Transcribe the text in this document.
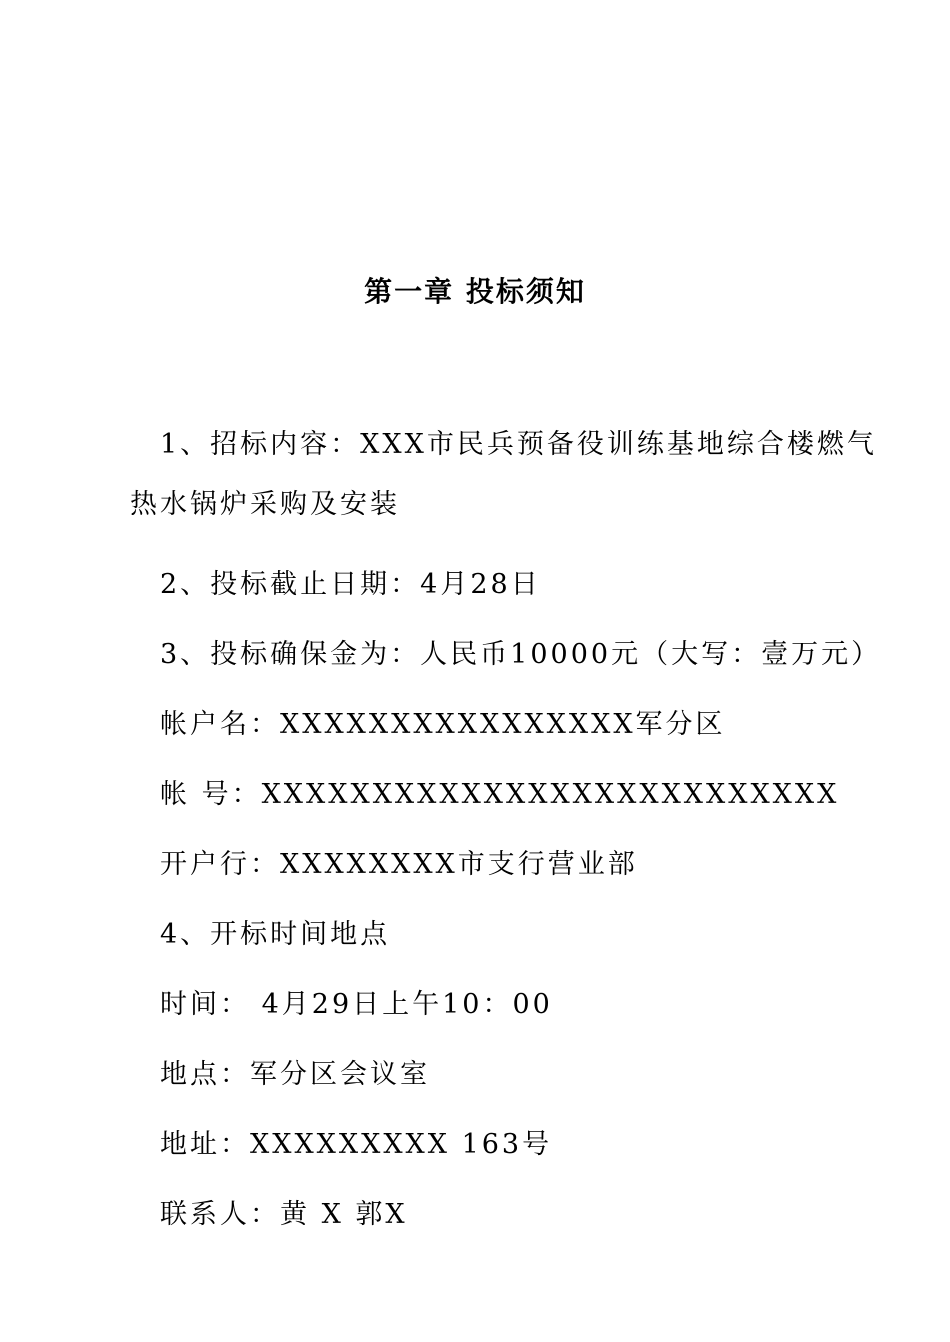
第一章 投标须知
1、招标内容：XXX市民兵预备役训练基地综合楼燃气
热水锅炉采购及安装
2、投标截止日期：4月28日
3、投标确保金为：人民币10000元（大写：壹万元）
帐户名：XXXXXXXXXXXXXXXX军分区
帐 号：XXXXXXXXXXXXXXXXXXXXXXXXXX
开户行：XXXXXXXX市支行营业部
4、开标时间地点
时间： 4月29日上午10：00
地点：军分区会议室
地址：XXXXXXXXX 163号
联系人：黄 X 郭X
